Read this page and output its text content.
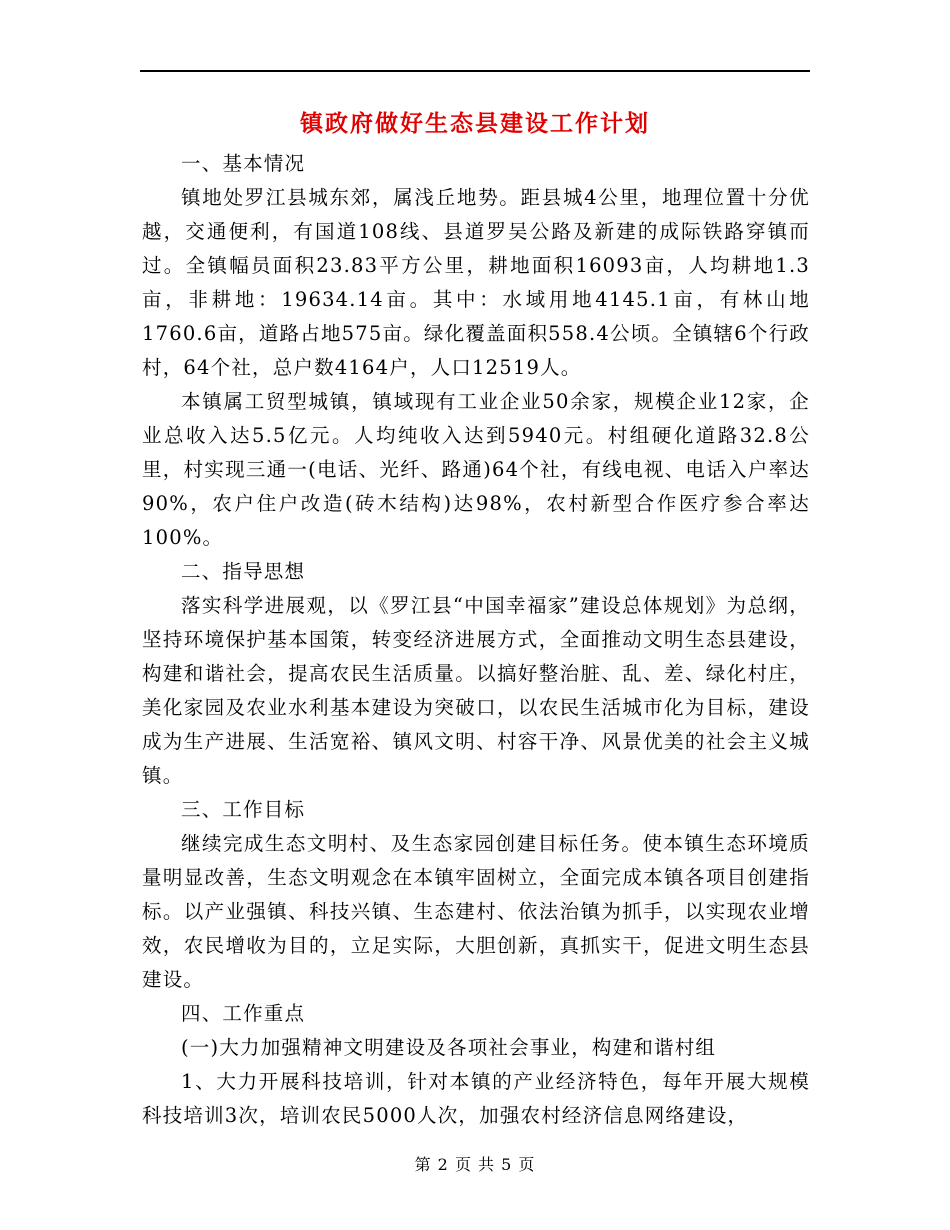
镇政府做好生态县建设工作计划

一、基本情况

镇地处罗江县城东郊，属浅丘地势。距县城4公里，地理位置十分优越，交通便利，有国道108线、县道罗吴公路及新建的成际铁路穿镇而过。全镇幅员面积23.83平方公里，耕地面积16093亩，人均耕地1.3亩，非耕地：19634.14亩。其中：水域用地4145.1亩，有林山地1760.6亩，道路占地575亩。绿化覆盖面积558.4公顷。全镇辖6个行政村，64个社，总户数4164户，人口12519人。

本镇属工贸型城镇，镇域现有工业企业50余家，规模企业12家，企业总收入达5.5亿元。人均纯收入达到5940元。村组硬化道路32.8公里，村实现三通一(电话、光纤、路通)64个社，有线电视、电话入户率达90%，农户住户改造(砖木结构)达98%，农村新型合作医疗参合率达100%。

二、指导思想

落实科学进展观，以《罗江县“中国幸福家”建设总体规划》为总纲，坚持环境保护基本国策，转变经济进展方式，全面推动文明生态县建设，构建和谐社会，提高农民生活质量。以搞好整治脏、乱、差、绿化村庄，美化家园及农业水利基本建设为突破口，以农民生活城市化为目标，建设成为生产进展、生活宽裕、镇风文明、村容干净、风景优美的社会主义城镇。

三、工作目标

继续完成生态文明村、及生态家园创建目标任务。使本镇生态环境质量明显改善，生态文明观念在本镇牢固树立，全面完成本镇各项目创建指标。以产业强镇、科技兴镇、生态建村、依法治镇为抓手，以实现农业增效，农民增收为目的，立足实际，大胆创新，真抓实干，促进文明生态县建设。

四、工作重点

(一)大力加强精神文明建设及各项社会事业，构建和谐村组

1、大力开展科技培训，针对本镇的产业经济特色，每年开展大规模科技培训3次，培训农民5000人次，加强农村经济信息网络建设，

第 2 页 共 5 页
